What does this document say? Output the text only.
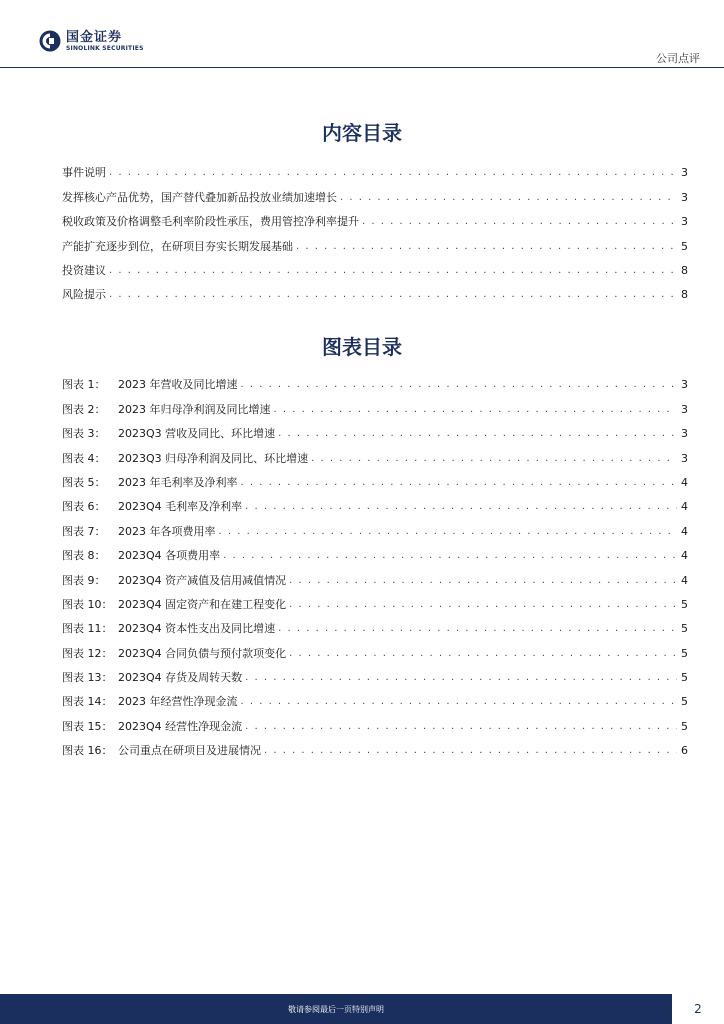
国金证券
SINOLINK SECURITIES
公司点评
内容目录
事件说明 . . .	3
发挥核心产品优势，国产替代叠加新品投放业绩加速增长 . . .	3
税收政策及价格调整毛利率阶段性承压，费用管控净利率提升 . . .	3
产能扩充逐步到位，在研项目夯实长期发展基础 . . .	5
投资建议 . . .	8
风险提示 . . .	8
图表目录
图表 1： 2023 年营收及同比增速 . . .	3
图表 2： 2023 年归母净利润及同比增速 . . .	3
图表 3： 2023Q3 营收及同比、环比增速 . . .	3
图表 4： 2023Q3 归母净利润及同比、环比增速 . . .	3
图表 5： 2023 年毛利率及净利率 . . .	4
图表 6： 2023Q4 毛利率及净利率 . . .	4
图表 7： 2023 年各项费用率 . . .	4
图表 8： 2023Q4 各项费用率 . . .	4
图表 9： 2023Q4 资产减值及信用减值情况 . . .	4
图表 10： 2023Q4 固定资产和在建工程变化 . . .	5
图表 11： 2023Q4 资本性支出及同比增速 . . .	5
图表 12： 2023Q4 合同负债与预付款项变化 . . .	5
图表 13： 2023Q4 存货及周转天数 . . .	5
图表 14： 2023 年经营性净现金流 . . .	5
图表 15： 2023Q4 经营性净现金流 . . .	5
图表 16： 公司重点在研项目及进展情况 . . .	6
敬请参阅最后一页特别声明	2
